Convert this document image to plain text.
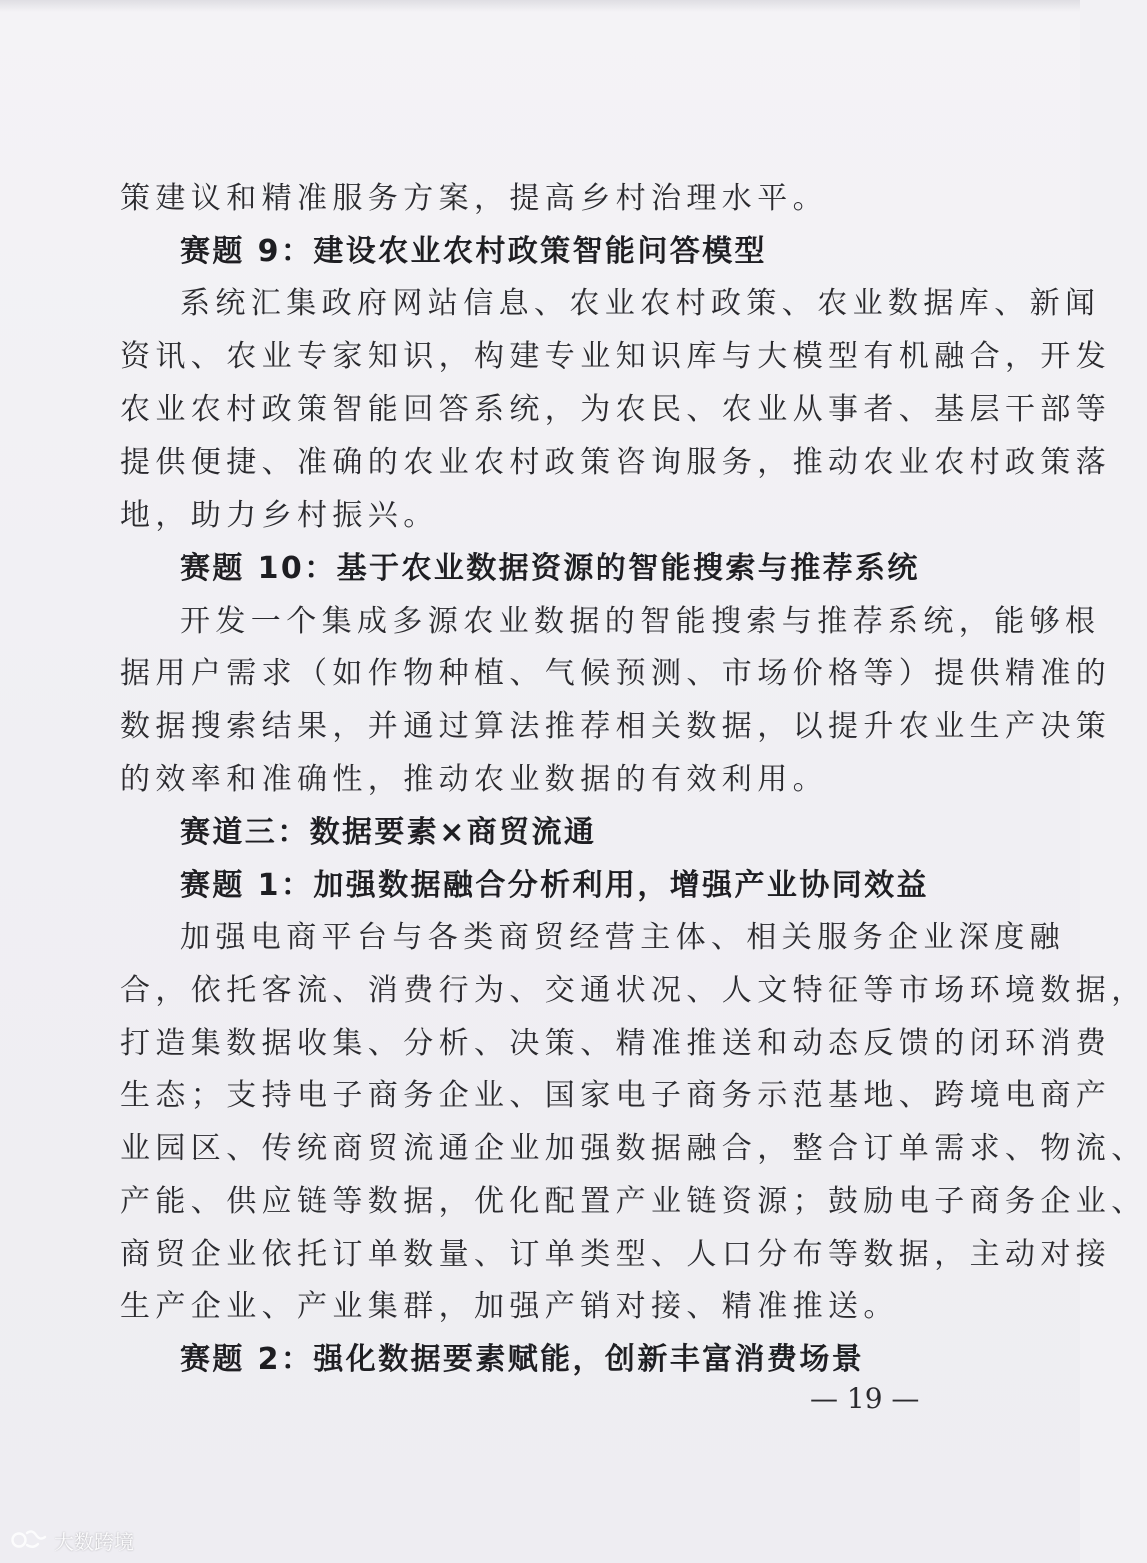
策建议和精准服务方案，提高乡村治理水平。
赛题 9：建设农业农村政策智能问答模型
系统汇集政府网站信息、农业农村政策、农业数据库、新闻
资讯、农业专家知识，构建专业知识库与大模型有机融合，开发
农业农村政策智能回答系统，为农民、农业从事者、基层干部等
提供便捷、准确的农业农村政策咨询服务，推动农业农村政策落
地，助力乡村振兴。
赛题 10：基于农业数据资源的智能搜索与推荐系统
开发一个集成多源农业数据的智能搜索与推荐系统，能够根
据用户需求（如作物种植、气候预测、市场价格等）提供精准的
数据搜索结果，并通过算法推荐相关数据，以提升农业生产决策
的效率和准确性，推动农业数据的有效利用。
赛道三：数据要素×商贸流通
赛题 1：加强数据融合分析利用，增强产业协同效益
加强电商平台与各类商贸经营主体、相关服务企业深度融
合，依托客流、消费行为、交通状况、人文特征等市场环境数据，
打造集数据收集、分析、决策、精准推送和动态反馈的闭环消费
生态；支持电子商务企业、国家电子商务示范基地、跨境电商产
业园区、传统商贸流通企业加强数据融合，整合订单需求、物流、
产能、供应链等数据，优化配置产业链资源；鼓励电子商务企业、
商贸企业依托订单数量、订单类型、人口分布等数据，主动对接
生产企业、产业集群，加强产销对接、精准推送。
赛题 2：强化数据要素赋能，创新丰富消费场景
— 19 —
大数跨境
